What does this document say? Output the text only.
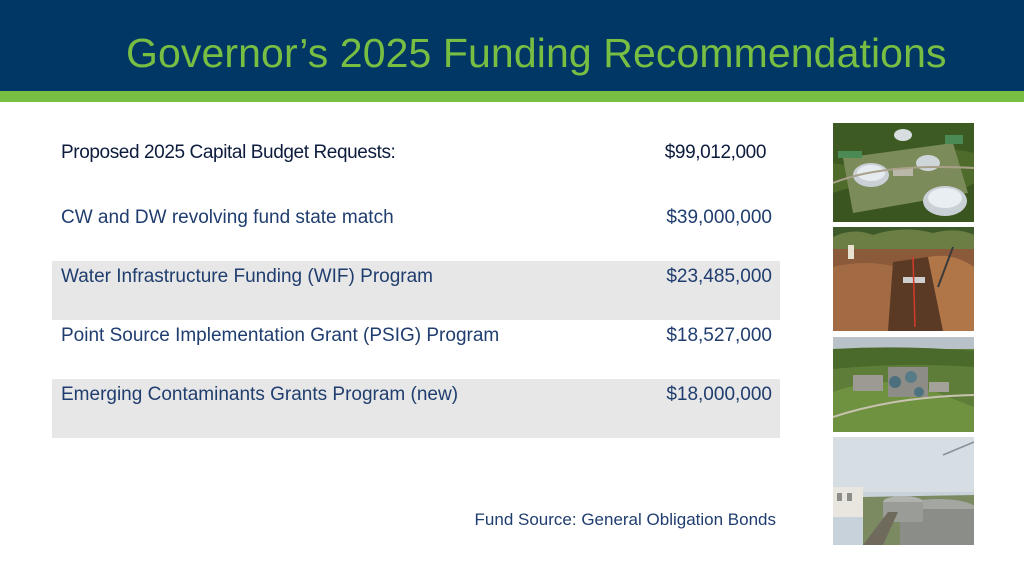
Governor’s 2025 Funding Recommendations
Proposed 2025 Capital Budget Requests:	$99,012,000
CW and DW revolving fund state match	$39,000,000
Water Infrastructure Funding (WIF) Program	$23,485,000
Point Source Implementation Grant (PSIG) Program	$18,527,000
Emerging Contaminants Grants Program (new)	$18,000,000
Fund Source: General Obligation Bonds
